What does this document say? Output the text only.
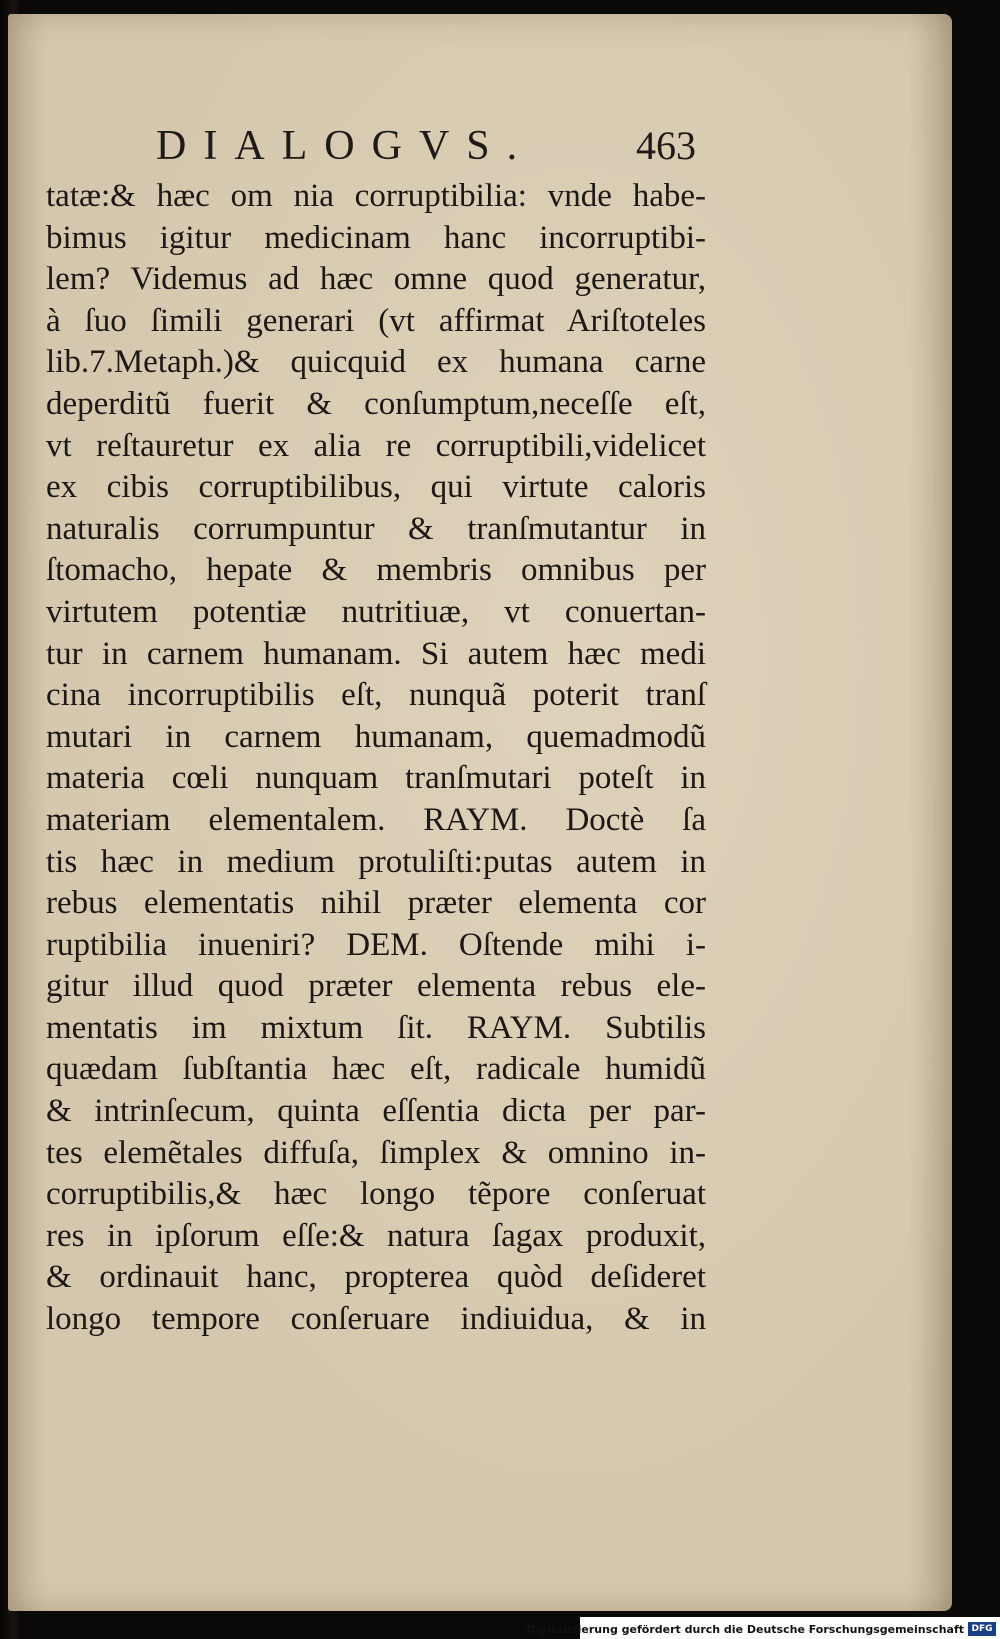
DIALOGVS.	463
tatæ:& hæc om nia corruptibilia: vnde habe-
bimus igitur medicinam hanc incorruptibi-
lem? Videmus ad hæc omne quod generatur,
à ſuo ſimili generari (vt affirmat Ariſtoteles
lib.7.Metaph.)& quicquid ex humana carne
deperditũ fuerit & conſumptum,neceſſe eſt,
vt reſtauretur ex alia re corruptibili,videlicet
ex cibis corruptibilibus, qui virtute caloris
naturalis corrumpuntur & tranſmutantur in
ſtomacho, hepate & membris omnibus per
virtutem potentiæ nutritiuæ, vt conuertan-
tur in carnem humanam. Si autem hæc medi
cina incorruptibilis eſt, nunquã poterit tranſ
mutari in carnem humanam, quemadmodũ
materia cœli nunquam tranſmutari poteſt in
materiam elementalem. RAYM. Doctè ſa
tis hæc in medium protuliſti:putas autem in
rebus elementatis nihil præter elementa cor
ruptibilia inueniri? DEM. Oſtende mihi i-
gitur illud quod præter elementa rebus ele-
mentatis im mixtum ſit. RAYM. Subtilis
quædam ſubſtantia hæc eſt, radicale humidũ
& intrinſecum, quinta eſſentia dicta per par-
tes elemẽtales diffuſa, ſimplex & omnino in-
corruptibilis,& hæc longo tẽpore conſeruat
res in ipſorum eſſe:& natura ſagax produxit,
& ordinauit hanc, propterea quòd deſideret
longo tempore conſeruare indiuidua, & in
Digitalisierung gefördert durch die Deutsche Forschungsgemeinschaft DFG
